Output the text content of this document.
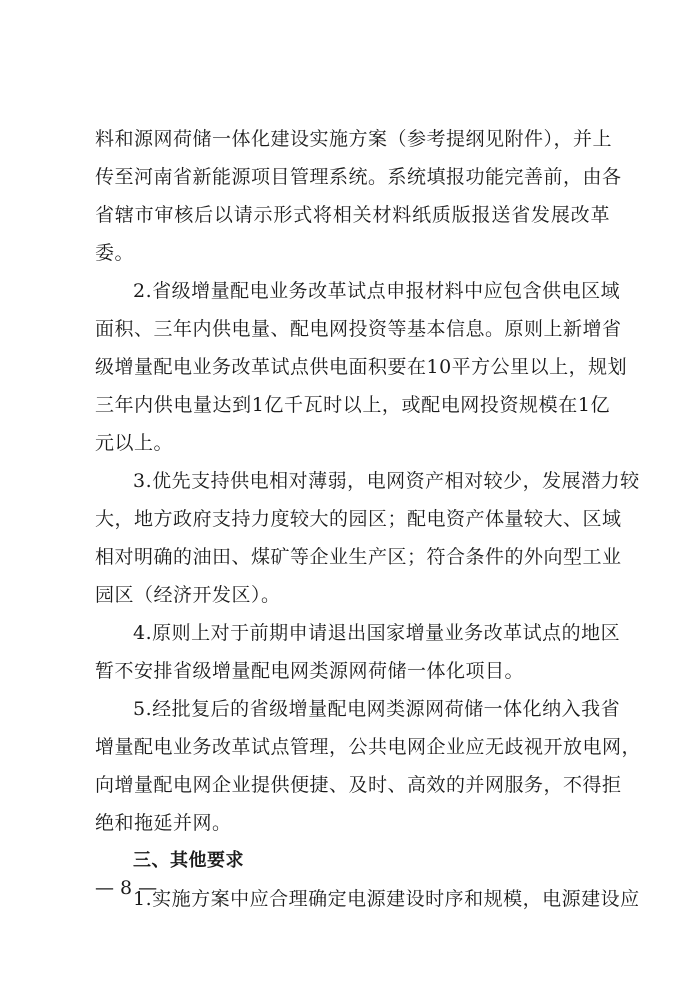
料和源网荷储一体化建设实施方案（参考提纲见附件），并上
传至河南省新能源项目管理系统。系统填报功能完善前，由各
省辖市审核后以请示形式将相关材料纸质版报送省发展改革
委。
2.省级增量配电业务改革试点申报材料中应包含供电区域
面积、三年内供电量、配电网投资等基本信息。原则上新增省
级增量配电业务改革试点供电面积要在10平方公里以上，规划
三年内供电量达到1亿千瓦时以上，或配电网投资规模在1亿
元以上。
3.优先支持供电相对薄弱，电网资产相对较少，发展潜力较
大，地方政府支持力度较大的园区；配电资产体量较大、区域
相对明确的油田、煤矿等企业生产区；符合条件的外向型工业
园区（经济开发区）。
4.原则上对于前期申请退出国家增量业务改革试点的地区
暂不安排省级增量配电网类源网荷储一体化项目。
5.经批复后的省级增量配电网类源网荷储一体化纳入我省
增量配电业务改革试点管理，公共电网企业应无歧视开放电网，
向增量配电网企业提供便捷、及时、高效的并网服务，不得拒
绝和拖延并网。
三、其他要求
1.实施方案中应合理确定电源建设时序和规模，电源建设应
— 8 —
